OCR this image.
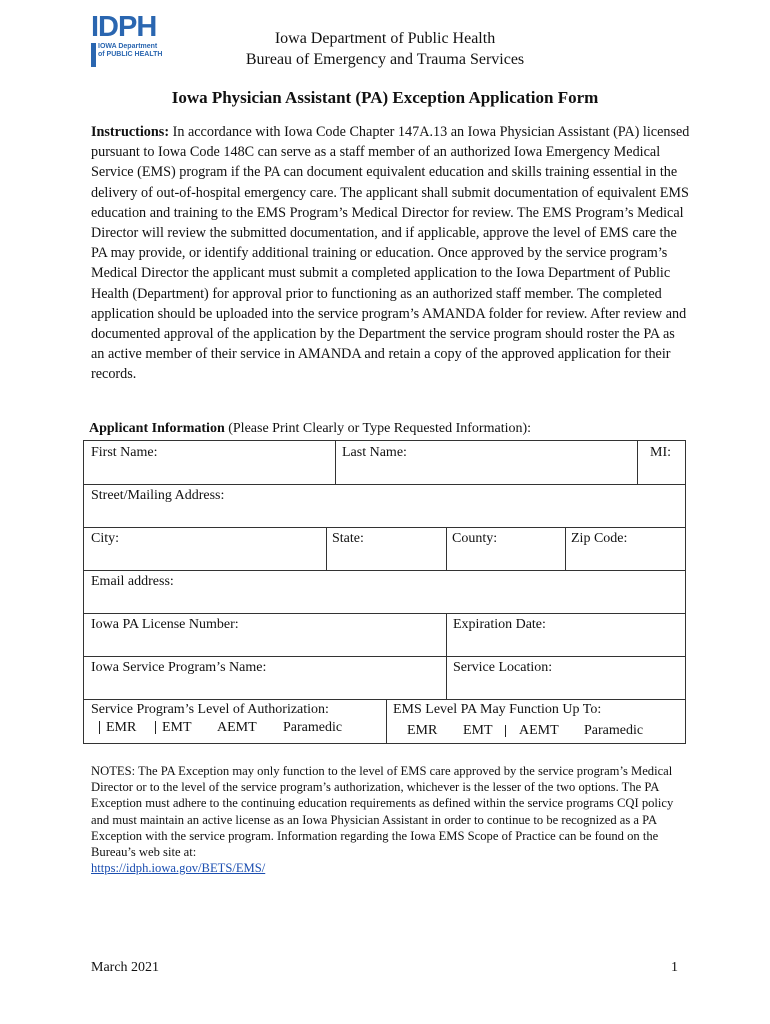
IDPH
IOWA Department
of PUBLIC HEALTH
Iowa Department of Public Health
Bureau of Emergency and Trauma Services
Iowa Physician Assistant (PA) Exception Application Form

Instructions: In accordance with Iowa Code Chapter 147A.13 an Iowa Physician Assistant (PA) licensed pursuant to Iowa Code 148C can serve as a staff member of an authorized Iowa Emergency Medical Service (EMS) program if the PA can document equivalent education and skills training essential in the delivery of out-of-hospital emergency care. The applicant shall submit documentation of equivalent EMS education and training to the EMS Program’s Medical Director for review. The EMS Program’s Medical Director will review the submitted documentation, and if applicable, approve the level of EMS care the PA may provide, or identify additional training or education. Once approved by the service program’s Medical Director the applicant must submit a completed application to the Iowa Department of Public Health (Department) for approval prior to functioning as an authorized staff member. The completed application should be uploaded into the service program’s AMANDA folder for review. After review and documented approval of the application by the Department the service program should roster the PA as an active member of their service in AMANDA and retain a copy of the approved application for their records.

Applicant Information (Please Print Clearly or Type Requested Information):
First Name:	Last Name:	MI:
Street/Mailing Address:
City:	State:	County:	Zip Code:
Email address:
Iowa PA License Number:	Expiration Date:
Iowa Service Program’s Name:	Service Location:
Service Program’s Level of Authorization:
EMR EMT AEMT Paramedic
EMS Level PA May Function Up To:
EMR EMT AEMT Paramedic

NOTES: The PA Exception may only function to the level of EMS care approved by the service program’s Medical Director or to the level of the service program’s authorization, whichever is the lesser of the two options. The PA Exception must adhere to the continuing education requirements as defined within the service programs CQI policy and must maintain an active license as an Iowa Physician Assistant in order to continue to be recognized as a PA Exception with the service program. Information regarding the Iowa EMS Scope of Practice can be found on the Bureau’s web site at:
https://idph.iowa.gov/BETS/EMS/

March 2021	1
